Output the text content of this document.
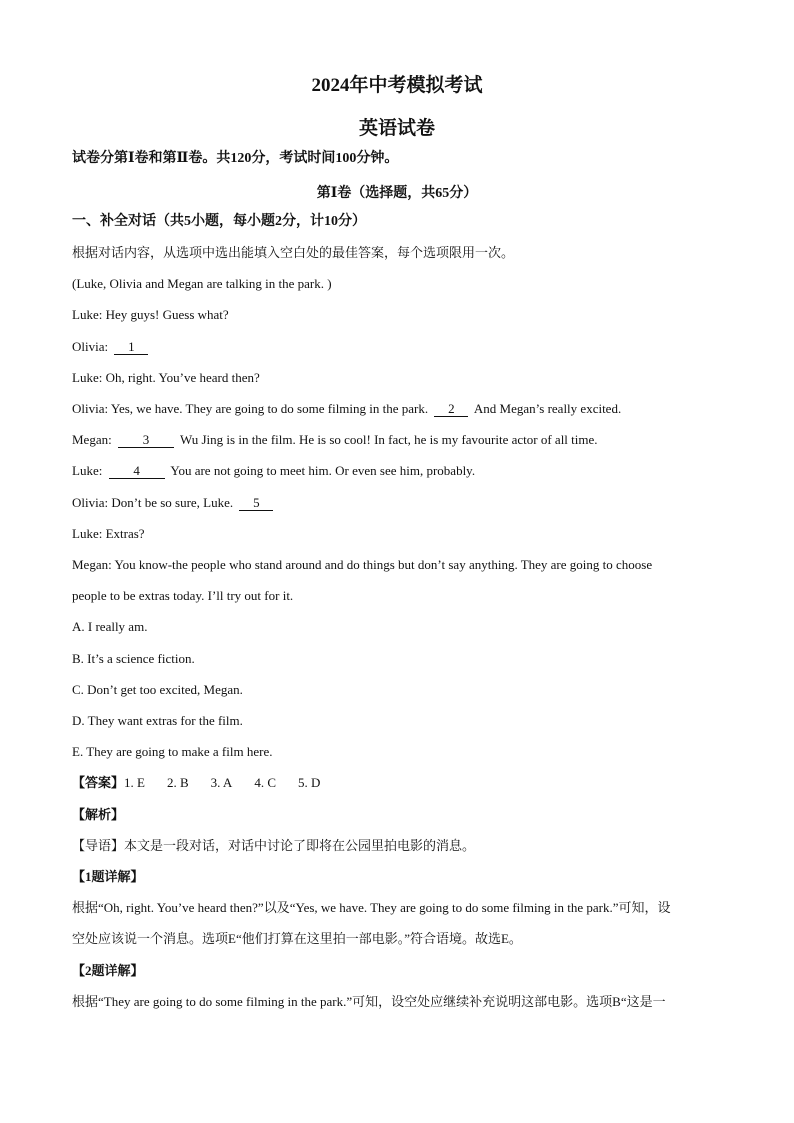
2024年中考模拟考试
英语试卷
试卷分第Ⅰ卷和第Ⅱ卷。共120分，考试时间100分钟。
第Ⅰ卷（选择题，共65分）
一、补全对话（共5小题，每小题2分，计10分）
根据对话内容，从选项中选出能填入空白处的最佳答案，每个选项限用一次。
(Luke, Olivia and Megan are talking in the park. )
Luke: Hey guys! Guess what?
Olivia: 1
Luke: Oh, right. You’ve heard then?
Olivia: Yes, we have. They are going to do some filming in the park. 2 And Megan’s really excited.
Megan: 3 Wu Jing is in the film. He is so cool! In fact, he is my favourite actor of all time.
Luke: 4 You are not going to meet him. Or even see him, probably.
Olivia: Don’t be so sure, Luke. 5
Luke: Extras?
Megan: You know-the people who stand around and do things but don’t say anything. They are going to choose
people to be extras today. I’ll try out for it.
A. I really am.
B. It’s a science fiction.
C. Don’t get too excited, Megan.
D. They want extras for the film.
E. They are going to make a film here.
【答案】1. E 2. B 3. A 4. C 5. D
【解析】
【导语】本文是一段对话，对话中讨论了即将在公园里拍电影的消息。
【1题详解】
根据“Oh, right. You’ve heard then?”以及“Yes, we have. They are going to do some filming in the park.”可知，设
空处应该说一个消息。选项E“他们打算在这里拍一部电影。”符合语境。故选E。
【2题详解】
根据“They are going to do some filming in the park.”可知，设空处应继续补充说明这部电影。选项B“这是一
